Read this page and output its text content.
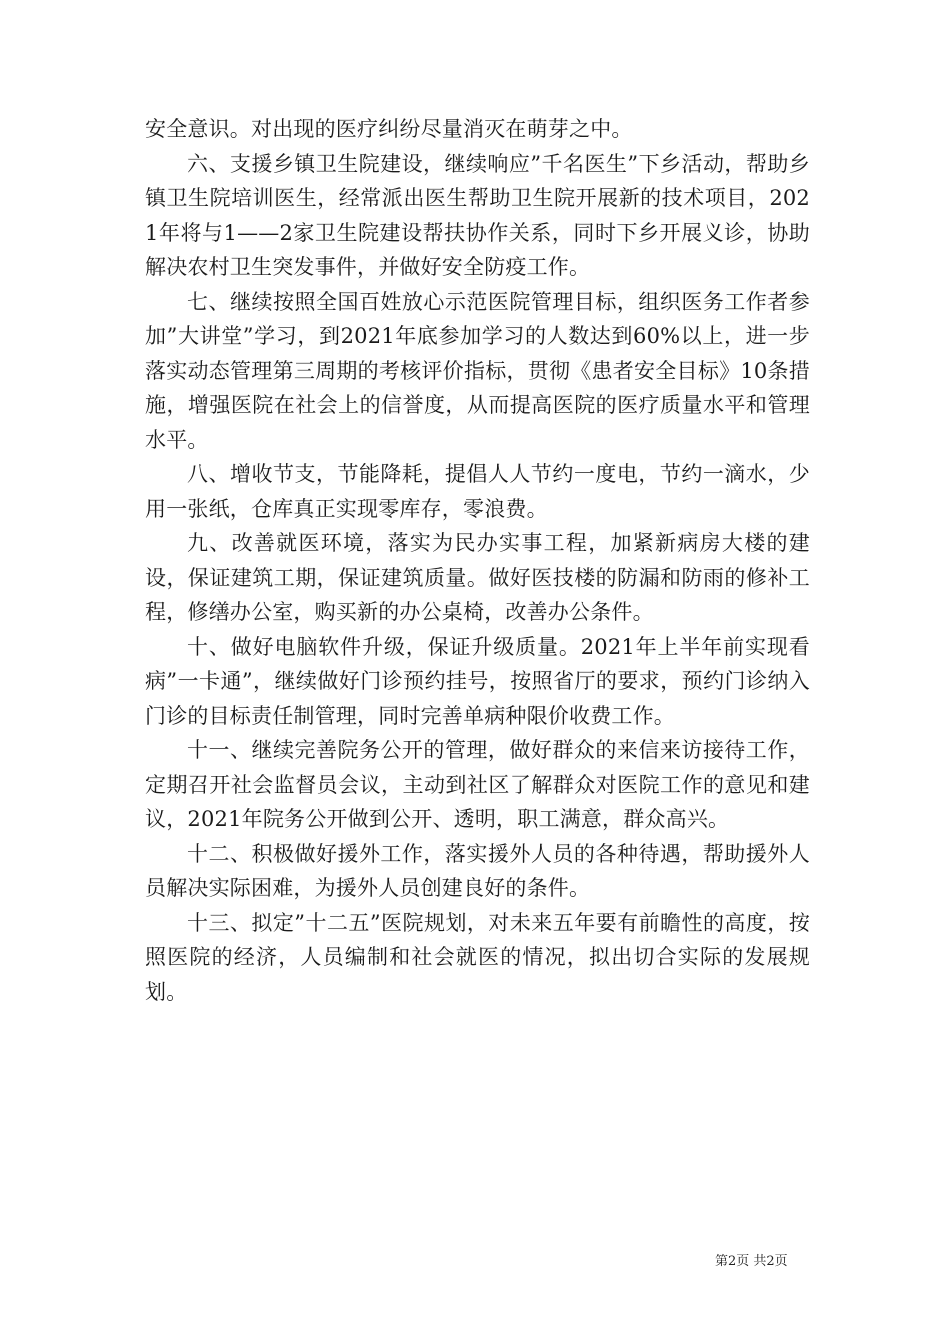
安全意识。对出现的医疗纠纷尽量消灭在萌芽之中。

六、支援乡镇卫生院建设，继续响应”千名医生”下乡活动，帮助乡镇卫生院培训医生，经常派出医生帮助卫生院开展新的技术项目，2021年将与1——2家卫生院建设帮扶协作关系，同时下乡开展义诊，协助解决农村卫生突发事件，并做好安全防疫工作。

七、继续按照全国百姓放心示范医院管理目标，组织医务工作者参加”大讲堂”学习，到2021年底参加学习的人数达到60%以上，进一步落实动态管理第三周期的考核评价指标，贯彻《患者安全目标》10条措施，增强医院在社会上的信誉度，从而提高医院的医疗质量水平和管理水平。

八、增收节支，节能降耗，提倡人人节约一度电，节约一滴水，少用一张纸，仓库真正实现零库存，零浪费。

九、改善就医环境，落实为民办实事工程，加紧新病房大楼的建设，保证建筑工期，保证建筑质量。做好医技楼的防漏和防雨的修补工程，修缮办公室，购买新的办公桌椅，改善办公条件。

十、做好电脑软件升级，保证升级质量。2021年上半年前实现看病”一卡通”，继续做好门诊预约挂号，按照省厅的要求，预约门诊纳入门诊的目标责任制管理，同时完善单病种限价收费工作。

十一、继续完善院务公开的管理，做好群众的来信来访接待工作，定期召开社会监督员会议，主动到社区了解群众对医院工作的意见和建议，2021年院务公开做到公开、透明，职工满意，群众高兴。

十二、积极做好援外工作，落实援外人员的各种待遇，帮助援外人员解决实际困难，为援外人员创建良好的条件。

十三、拟定”十二五”医院规划，对未来五年要有前瞻性的高度，按照医院的经济，人员编制和社会就医的情况，拟出切合实际的发展规划。

第2页 共2页
